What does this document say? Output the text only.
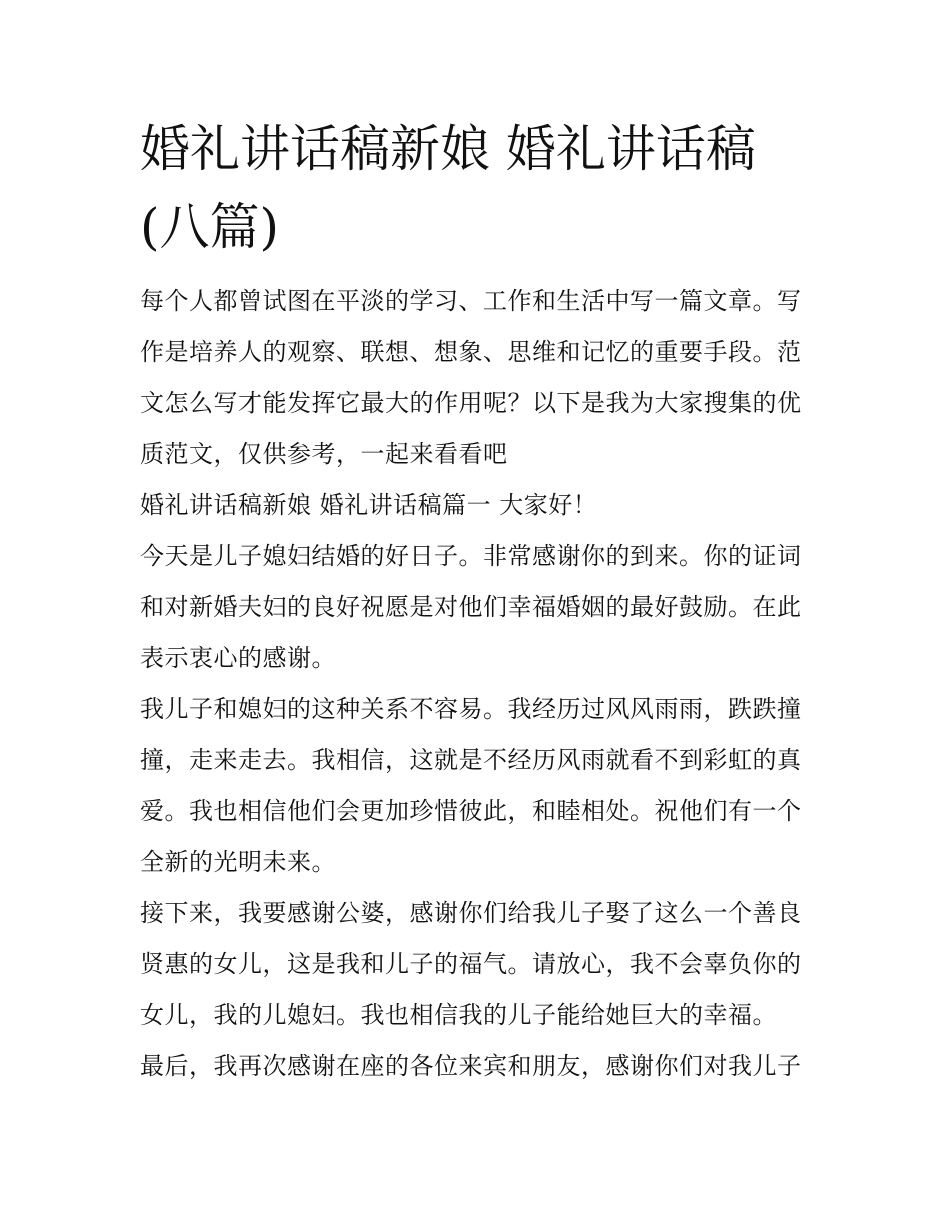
婚礼讲话稿新娘 婚礼讲话稿(八篇)

每个人都曾试图在平淡的学习、工作和生活中写一篇文章。写作是培养人的观察、联想、想象、思维和记忆的重要手段。范文怎么写才能发挥它最大的作用呢？以下是我为大家搜集的优质范文，仅供参考，一起来看看吧

婚礼讲话稿新娘 婚礼讲话稿篇一 大家好！

今天是儿子媳妇结婚的好日子。非常感谢你的到来。你的证词和对新婚夫妇的良好祝愿是对他们幸福婚姻的最好鼓励。在此表示衷心的感谢。

我儿子和媳妇的这种关系不容易。我经历过风风雨雨，跌跌撞撞，走来走去。我相信，这就是不经历风雨就看不到彩虹的真爱。我也相信他们会更加珍惜彼此，和睦相处。祝他们有一个全新的光明未来。

接下来，我要感谢公婆，感谢你们给我儿子娶了这么一个善良贤惠的女儿，这是我和儿子的福气。请放心，我不会辜负你的女儿，我的儿媳妇。我也相信我的儿子能给她巨大的幸福。

最后，我再次感谢在座的各位来宾和朋友，感谢你们对我儿子
